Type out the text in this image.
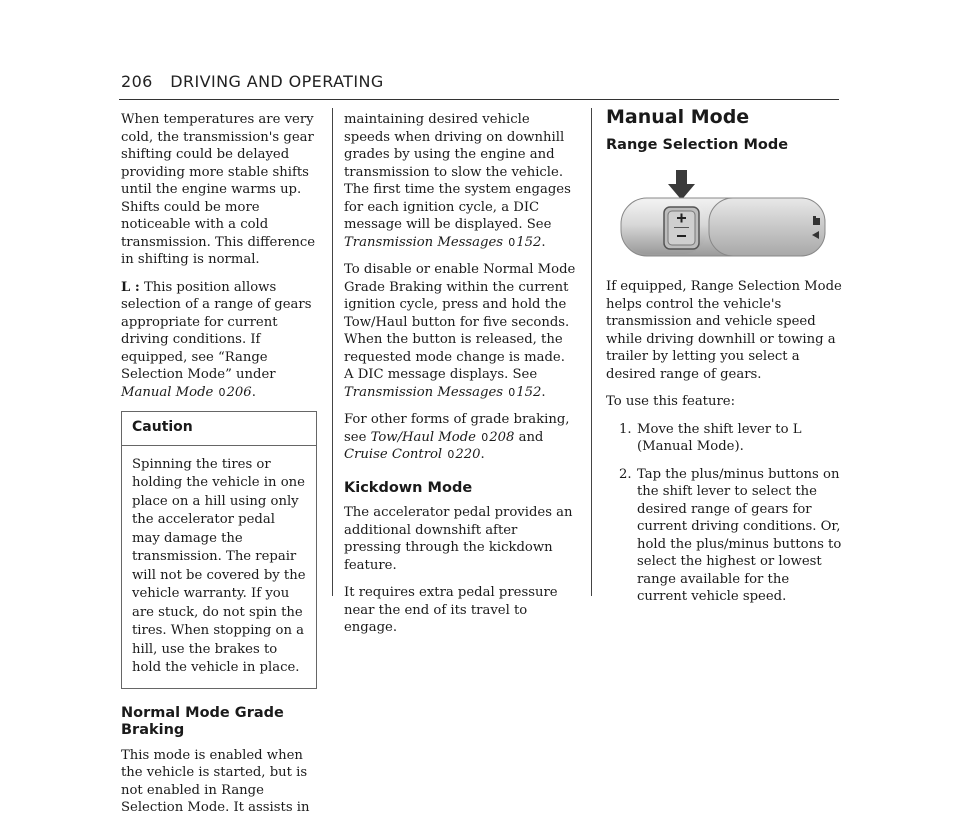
206 DRIVING AND OPERATING

When temperatures are very cold, the transmission's gear shifting could be delayed providing more stable shifts until the engine warms up. Shifts could be more noticeable with a cold transmission. This difference in shifting is normal.

L : This position allows selection of a range of gears appropriate for current driving conditions. If equipped, see “Range Selection Mode” under Manual Mode 0206.

Caution
Spinning the tires or holding the vehicle in one place on a hill using only the accelerator pedal may damage the transmission. The repair will not be covered by the vehicle warranty. If you are stuck, do not spin the tires. When stopping on a hill, use the brakes to hold the vehicle in place.
Normal Mode Grade Braking

This mode is enabled when the vehicle is started, but is not enabled in Range Selection Mode. It assists in

maintaining desired vehicle speeds when driving on downhill grades by using the engine and transmission to slow the vehicle. The first time the system engages for each ignition cycle, a DIC message will be displayed. See Transmission Messages 0152.

To disable or enable Normal Mode Grade Braking within the current ignition cycle, press and hold the Tow/Haul button for five seconds. When the button is released, the requested mode change is made. A DIC message displays. See Transmission Messages 0152.

For other forms of grade braking, see Tow/Haul Mode 0208 and Cruise Control 0220.

Kickdown Mode

The accelerator pedal provides an additional downshift after pressing through the kickdown feature.

It requires extra pedal pressure near the end of its travel to engage.

Manual Mode
Range Selection Mode

If equipped, Range Selection Mode helps control the vehicle's transmission and vehicle speed while driving downhill or towing a trailer by letting you select a desired range of gears.

To use this feature:

1. Move the shift lever to L (Manual Mode).
2. Tap the plus/minus buttons on the shift lever to select the desired range of gears for current driving conditions. Or, hold the plus/minus buttons to select the highest or lowest range available for the current vehicle speed.
